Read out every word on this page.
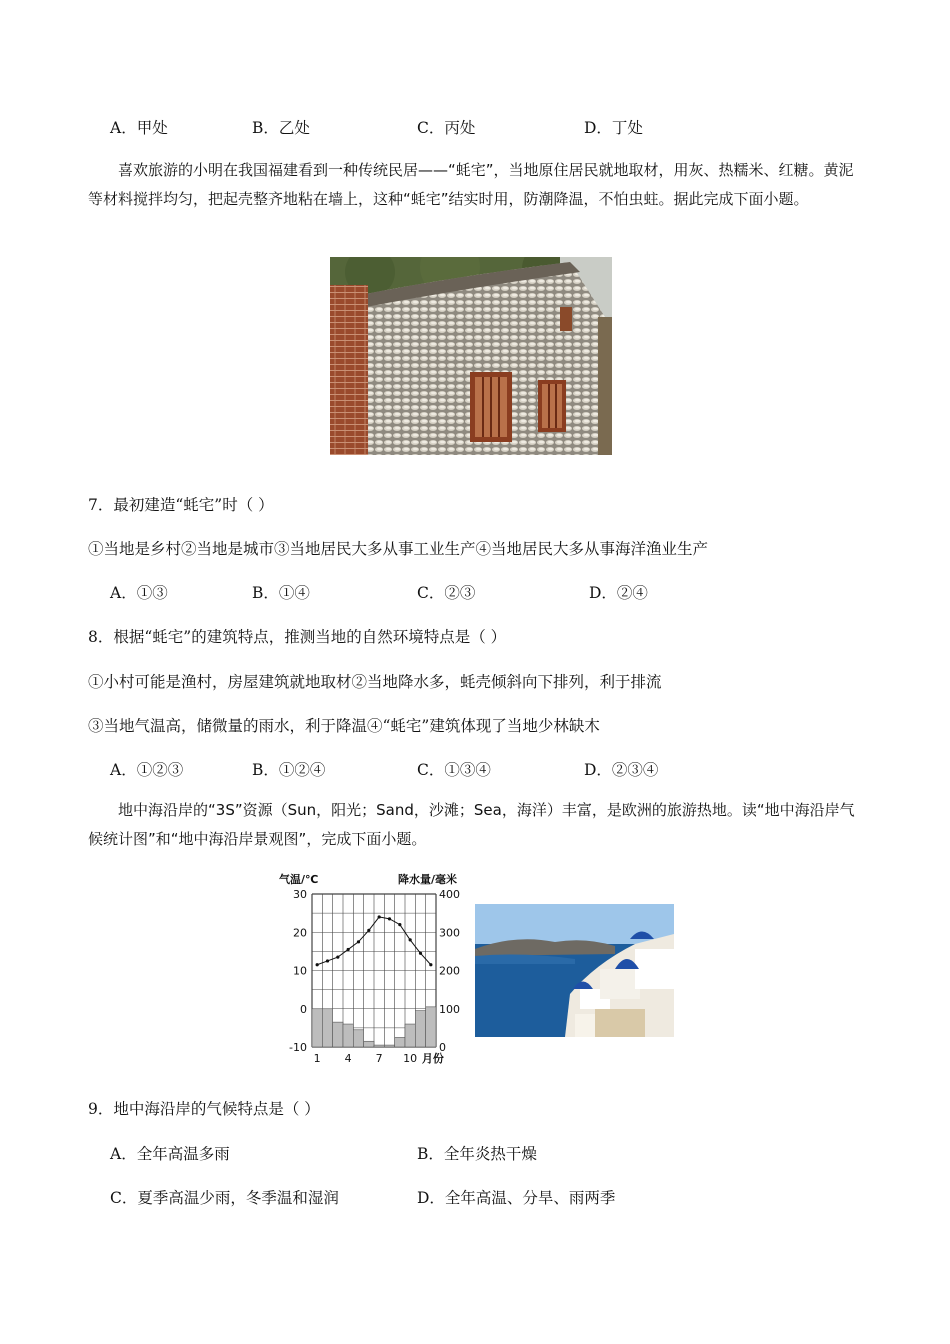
A．甲处	B．乙处	C．丙处	D．丁处
喜欢旅游的小明在我国福建看到一种传统民居——“蚝宅”，当地原住居民就地取材，用灰、热糯米、红糖。黄泥等材料搅拌均匀，把起壳整齐地粘在墙上，这种“蚝宅”结实时用，防潮降温，不怕虫蛀。据此完成下面小题。
7．最初建造“蚝宅”时（ ）
①当地是乡村②当地是城市③当地居民大多从事工业生产④当地居民大多从事海洋渔业生产
A．①③	B．①④	C．②③	D．②④
8．根据“蚝宅”的建筑特点，推测当地的自然环境特点是（ ）
①小村可能是渔村，房屋建筑就地取材②当地降水多，蚝壳倾斜向下排列，利于排流
③当地气温高，储微量的雨水，利于降温④“蚝宅”建筑体现了当地少林缺木
A．①②③	B．①②④	C．①③④	D．②③④
地中海沿岸的“3S”资源（Sun，阳光；Sand，沙滩；Sea，海洋）丰富，是欧洲的旅游热地。读“地中海沿岸气候统计图”和“地中海沿岸景观图”，完成下面小题。
气温/℃	降水量/毫米
30
20
10
0
-10
400
300
200
100
0
1 4 7 10 月份
9．地中海沿岸的气候特点是（ ）
A．全年高温多雨	B．全年炎热干燥
C．夏季高温少雨，冬季温和湿润	D．全年高温、分旱、雨两季
